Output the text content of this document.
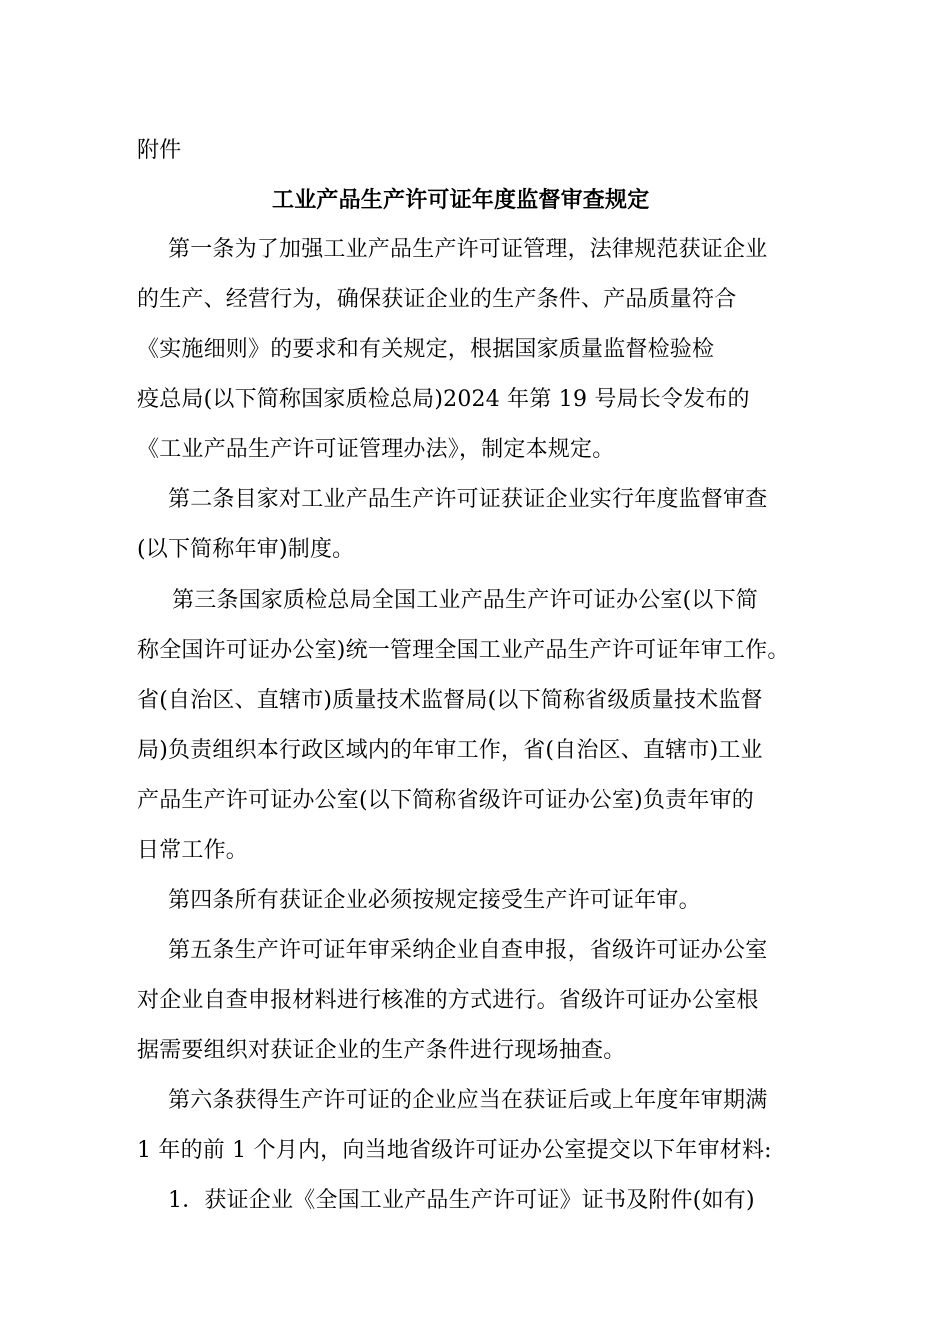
附件
工业产品生产许可证年度监督审查规定
第一条为了加强工业产品生产许可证管理，法律规范获证企业
的生产、经营行为，确保获证企业的生产条件、产品质量符合
《实施细则》的要求和有关规定，根据国家质量监督检验检
疫总局(以下简称国家质检总局)2024 年第 19 号局长令发布的
《工业产品生产许可证管理办法》，制定本规定。
第二条目家对工业产品生产许可证获证企业实行年度监督审查
(以下简称年审)制度。
第三条国家质检总局全国工业产品生产许可证办公室(以下简
称全国许可证办公室)统一管理全国工业产品生产许可证年审工作。
省(自治区、直辖市)质量技术监督局(以下简称省级质量技术监督
局)负责组织本行政区域内的年审工作，省(自治区、直辖市)工业
产品生产许可证办公室(以下简称省级许可证办公室)负责年审的
日常工作。
第四条所有获证企业必须按规定接受生产许可证年审。
第五条生产许可证年审采纳企业自查申报，省级许可证办公室
对企业自查申报材料进行核准的方式进行。省级许可证办公室根
据需要组织对获证企业的生产条件进行现场抽查。
第六条获得生产许可证的企业应当在获证后或上年度年审期满
1 年的前 1 个月内，向当地省级许可证办公室提交以下年审材料:
1．获证企业《全国工业产品生产许可证》证书及附件(如有)
